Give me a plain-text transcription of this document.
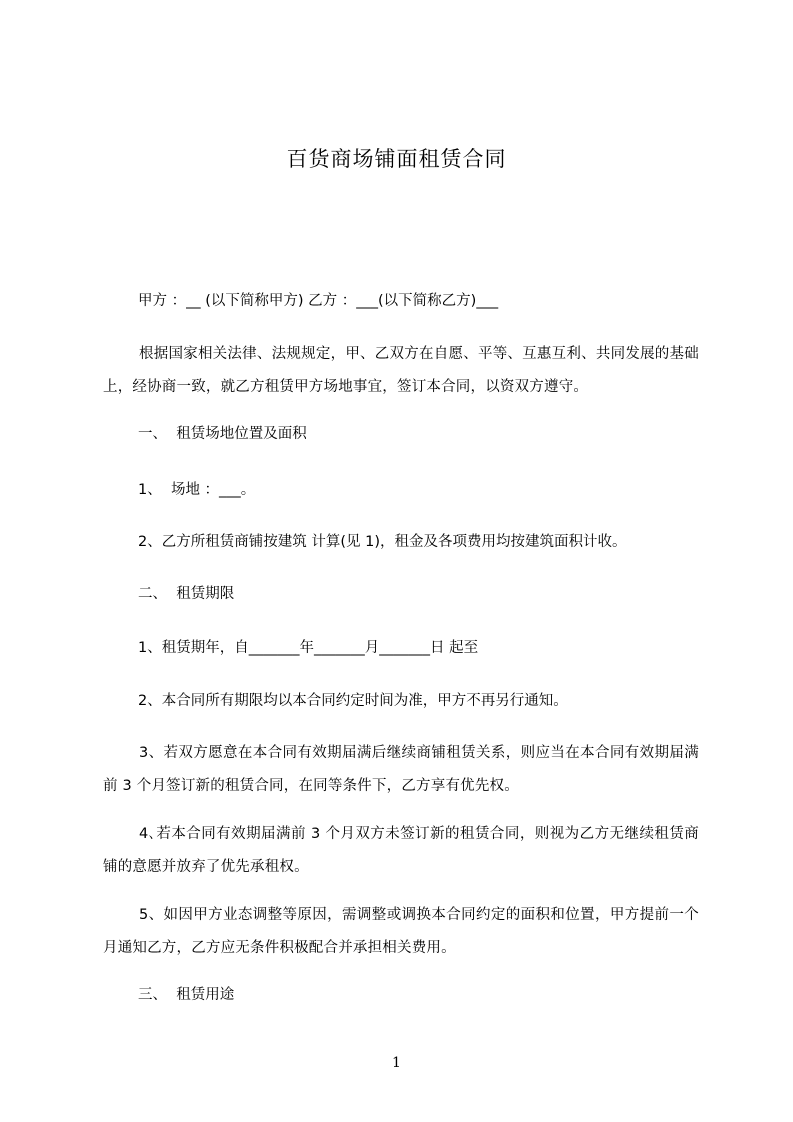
百货商场铺面租赁合同

甲方 ：__ (以下简称甲方) 乙方 ：___(以下简称乙方)___

根据国家相关法律、法规规定，甲、乙双方在自愿、平等、互惠互利、共同发展的基础上，经协商一致，就乙方租赁甲方场地事宜，签订本合同，以资双方遵守。

一、  租赁场地位置及面积

1、  场地 ：___。

2、乙方所租赁商铺按建筑 计算(见 1)，租金及各项费用均按建筑面积计收。

二、  租赁期限

1、租赁期年，自_______年_______月_______日 起至

2、本合同所有期限均以本合同约定时间为准，甲方不再另行通知。

3、若双方愿意在本合同有效期届满后继续商铺租赁关系，则应当在本合同有效期届满前 3 个月签订新的租赁合同，在同等条件下，乙方享有优先权。

4､若本合同有效期届满前 3 个月双方未签订新的租赁合同，则视为乙方无继续租赁商铺的意愿并放弃了优先承租权。

5、如因甲方业态调整等原因，需调整或调换本合同约定的面积和位置，甲方提前一个月通知乙方，乙方应无条件积极配合并承担相关费用。

三、  租赁用途

1
